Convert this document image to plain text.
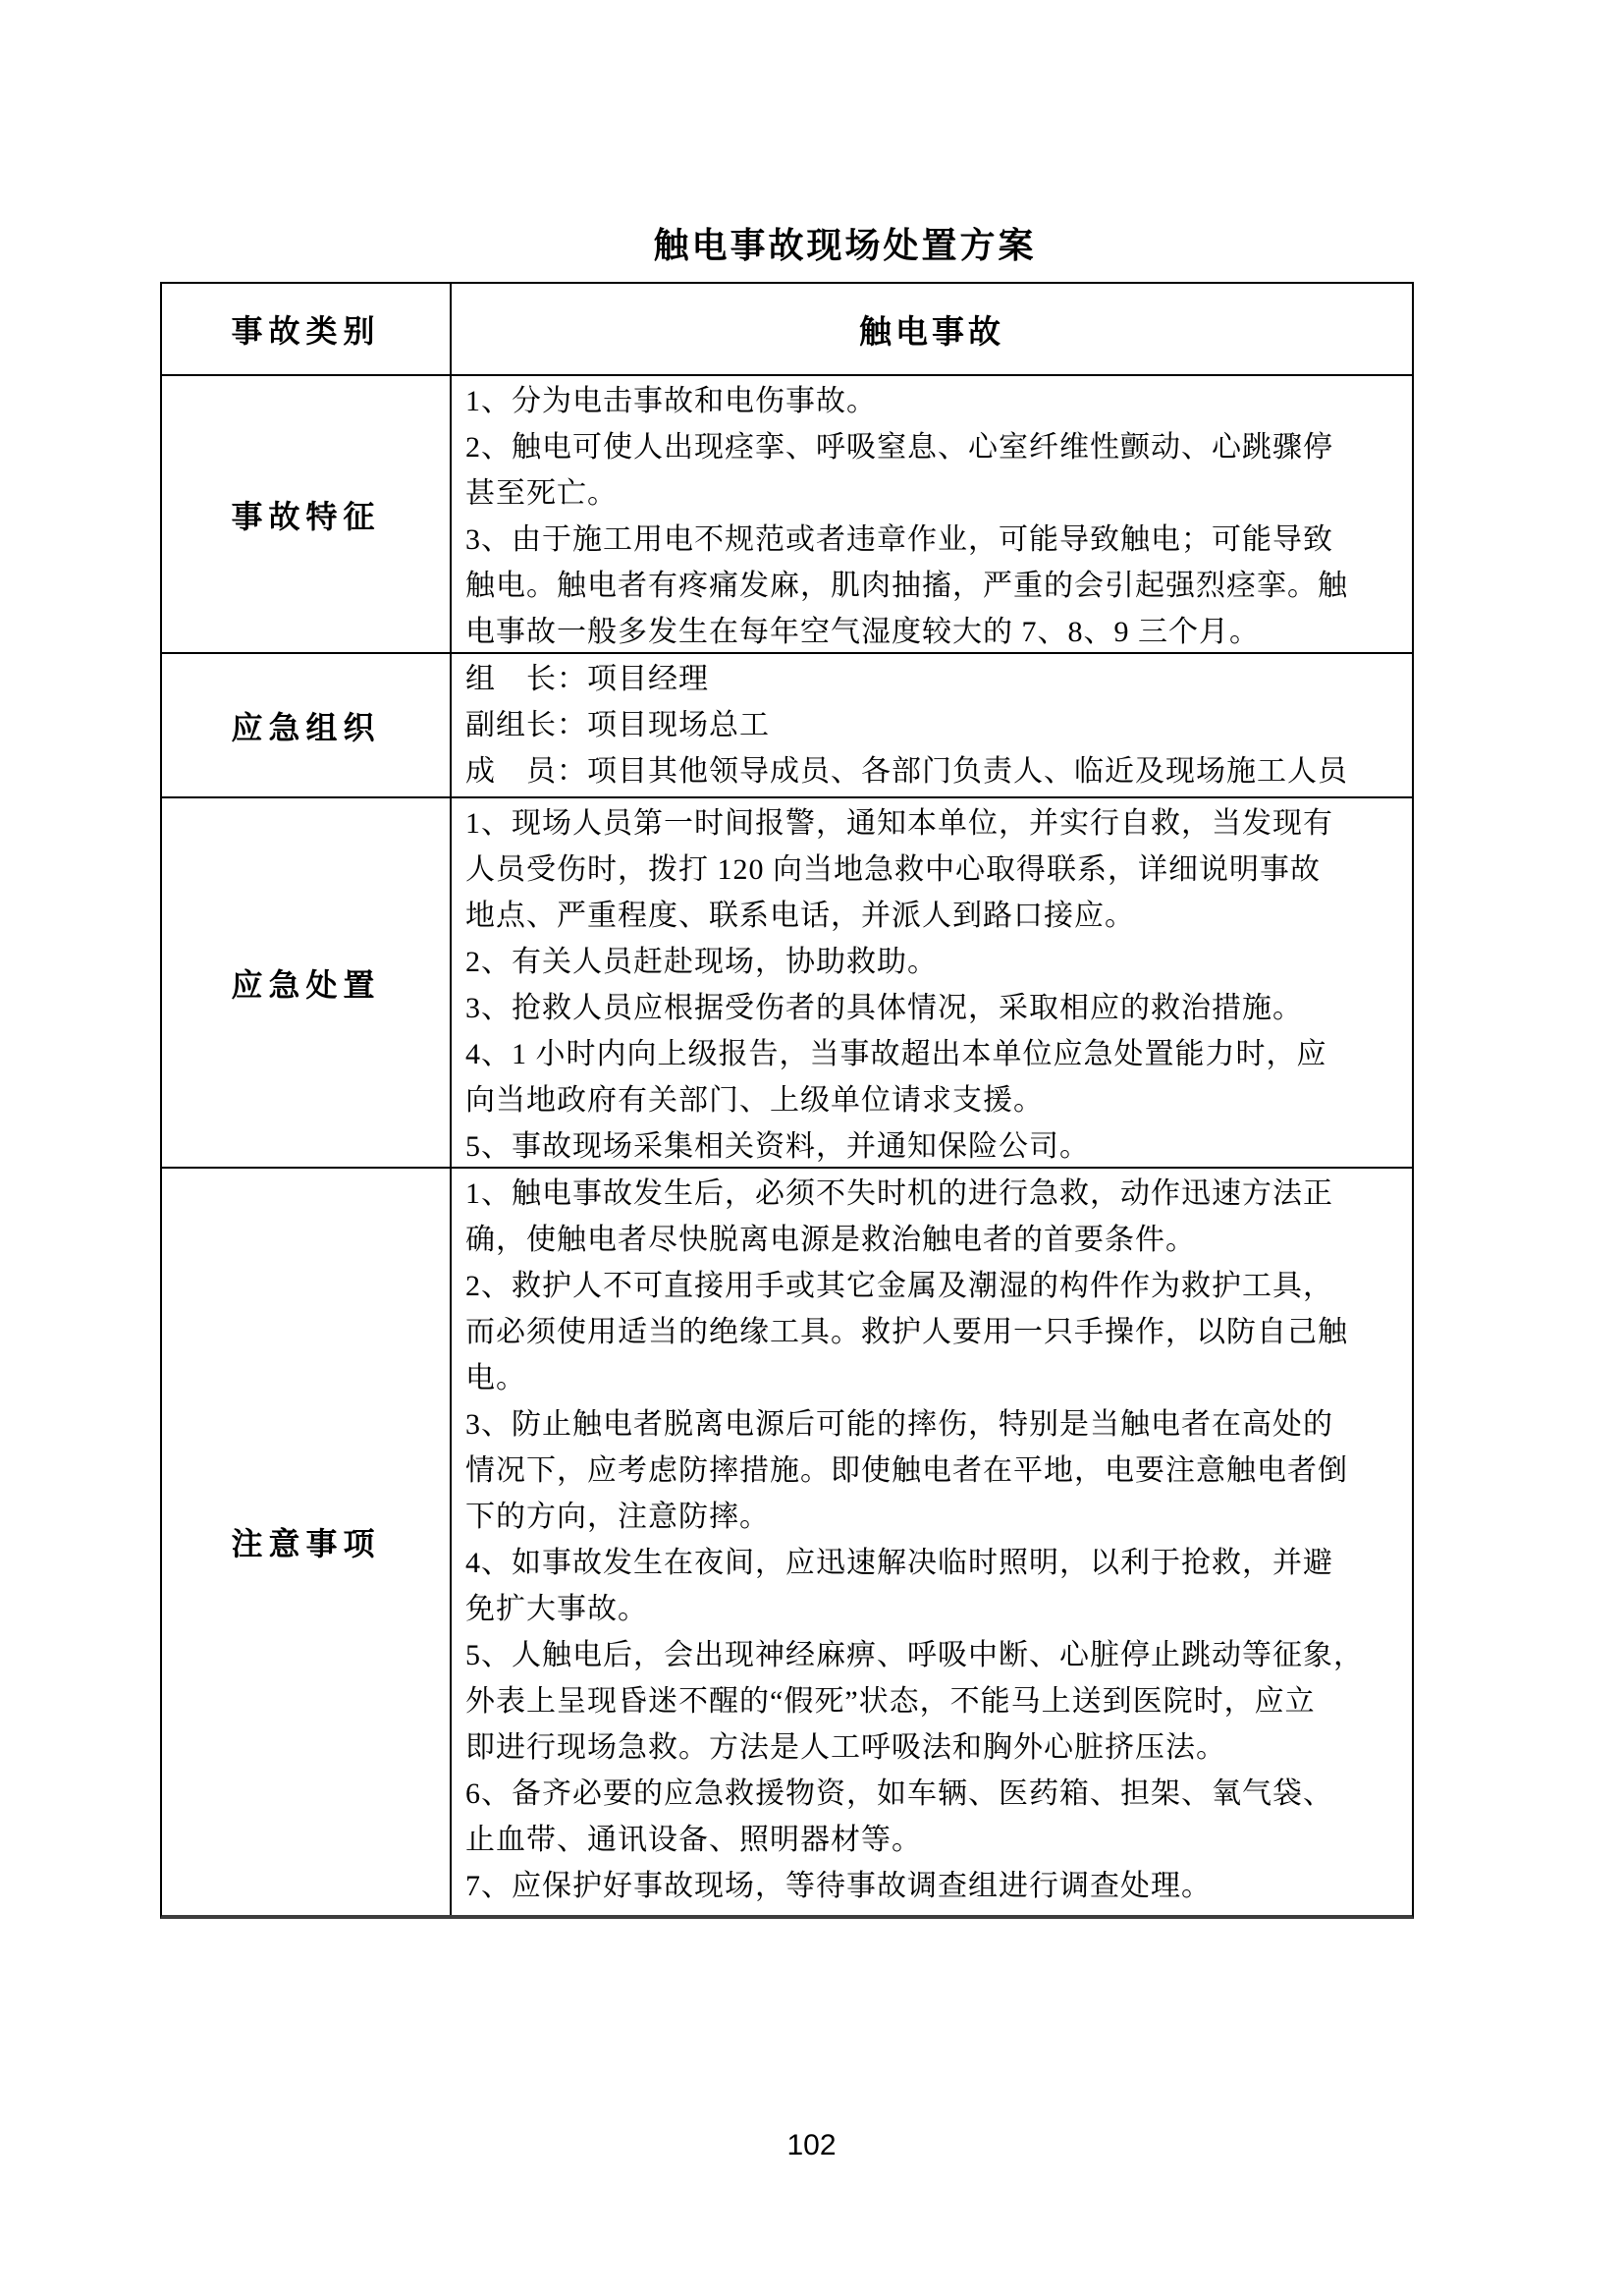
触电事故现场处置方案
事故类别	触电事故
事故特征
1、分为电击事故和电伤事故。
2、触电可使人出现痉挛、呼吸窒息、心室纤维性颤动、心跳骤停
甚至死亡。
3、由于施工用电不规范或者违章作业，可能导致触电；可能导致
触电。触电者有疼痛发麻，肌肉抽搐，严重的会引起强烈痉挛。触
电事故一般多发生在每年空气湿度较大的 7、8、9 三个月。
应急组织
组　长：项目经理
副组长：项目现场总工
成　员：项目其他领导成员、各部门负责人、临近及现场施工人员
应急处置
1、现场人员第一时间报警，通知本单位，并实行自救，当发现有
人员受伤时，拨打 120 向当地急救中心取得联系，详细说明事故
地点、严重程度、联系电话，并派人到路口接应。
2、有关人员赶赴现场，协助救助。
3、抢救人员应根据受伤者的具体情况，采取相应的救治措施。
4、1 小时内向上级报告，当事故超出本单位应急处置能力时，应
向当地政府有关部门、上级单位请求支援。
5、事故现场采集相关资料，并通知保险公司。
注意事项
1、触电事故发生后，必须不失时机的进行急救，动作迅速方法正
确，使触电者尽快脱离电源是救治触电者的首要条件。
2、救护人不可直接用手或其它金属及潮湿的构件作为救护工具，
而必须使用适当的绝缘工具。救护人要用一只手操作，以防自己触
电。
3、防止触电者脱离电源后可能的摔伤，特别是当触电者在高处的
情况下，应考虑防摔措施。即使触电者在平地，电要注意触电者倒
下的方向，注意防摔。
4、如事故发生在夜间，应迅速解决临时照明，以利于抢救，并避
免扩大事故。
5、人触电后，会出现神经麻痹、呼吸中断、心脏停止跳动等征象，
外表上呈现昏迷不醒的“假死”状态，不能马上送到医院时，应立
即进行现场急救。方法是人工呼吸法和胸外心脏挤压法。
6、备齐必要的应急救援物资，如车辆、医药箱、担架、氧气袋、
止血带、通讯设备、照明器材等。
7、应保护好事故现场，等待事故调查组进行调查处理。
102
